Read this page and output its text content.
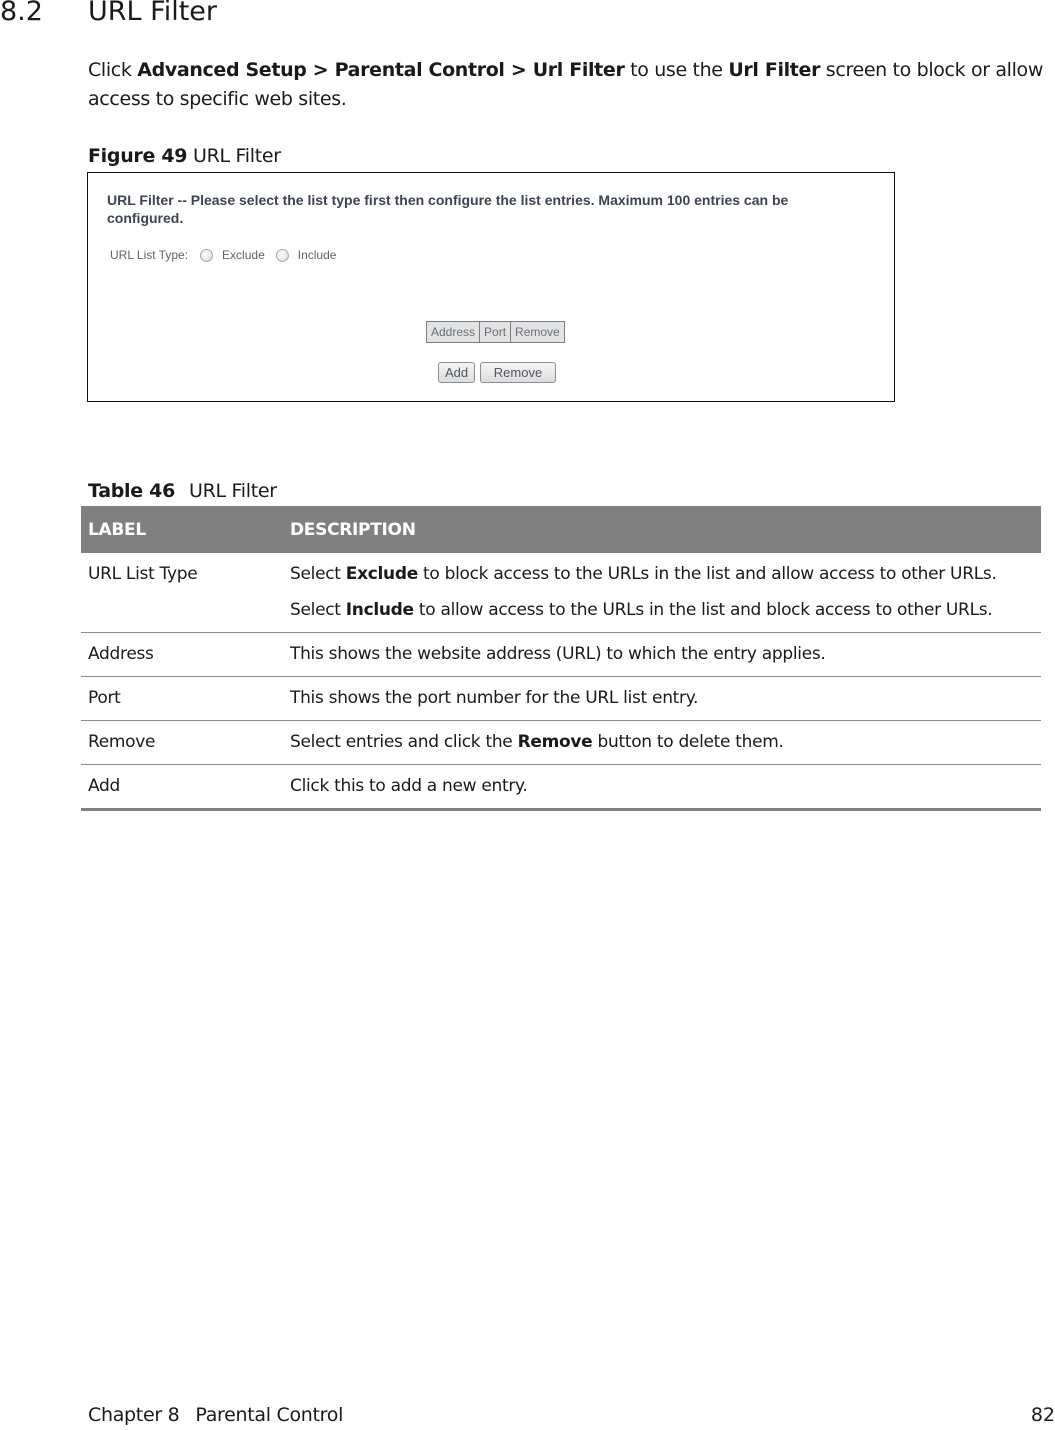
8.2 URL Filter
Click Advanced Setup > Parental Control > Url Filter to use the Url Filter screen to block or allow access to specific web sites.
Figure 49 URL Filter
URL Filter -- Please select the list type first then configure the list entries. Maximum 100 entries can be configured.
URL List Type:	Exclude	Include
Address Port Remove
Add	Remove
Table 46 URL Filter
LABEL	DESCRIPTION
URL List Type	Select Exclude to block access to the URLs in the list and allow access to other URLs.

Select Include to allow access to the URLs in the list and block access to other URLs.

Address	This shows the website address (URL) to which the entry applies.
Port	This shows the port number for the URL list entry.
Remove	Select entries and click the Remove button to delete them.
Add	Click this to add a new entry.
Chapter 8 Parental Control	82
